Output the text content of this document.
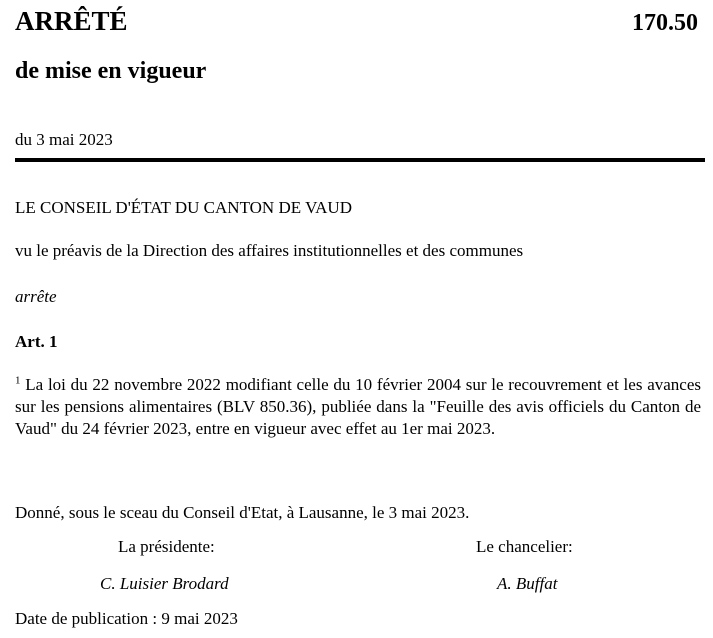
ARRÊTÉ	170.50
de mise en vigueur
du 3 mai 2023
LE CONSEIL D'ÉTAT DU CANTON DE VAUD
vu le préavis de la Direction des affaires institutionnelles et des communes
arrête
Art. 1
$^1$ La loi du 22 novembre 2022 modifiant celle du 10 février 2004 sur le recouvrement et les avances sur les pensions alimentaires (BLV 850.36), publiée dans la "Feuille des avis officiels du Canton de Vaud" du 24 février 2023, entre en vigueur avec effet au 1er mai 2023.
Donné, sous le sceau du Conseil d'Etat, à Lausanne, le 3 mai 2023.
La présidente:
C. Luisier Brodard
Le chancelier:
A. Buffat
Date de publication : 9 mai 2023
